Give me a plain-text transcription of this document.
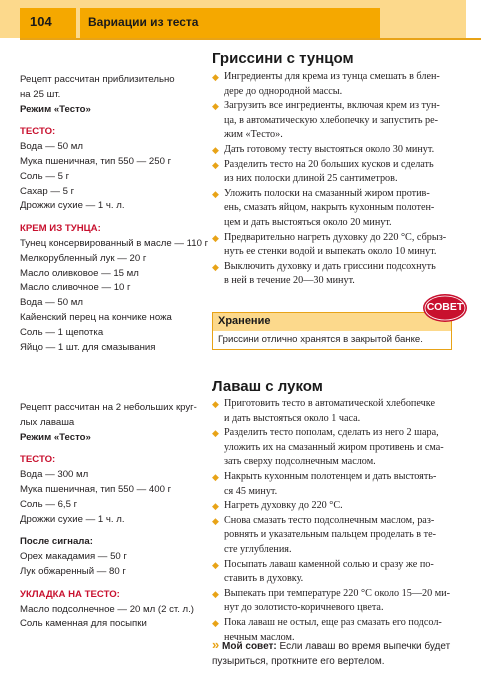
104	Вариации из теста

Рецепт рассчитан приблизительно

на 25 шт.

Режим «Тесто»

ТЕСТО:

Вода — 50 мл

Мука пшеничная, тип 550 — 250 г

Соль — 5 г

Сахар — 5 г

Дрожжи сухие — 1 ч. л.

КРЕМ ИЗ ТУНЦА:

Тунец консервированный в масле — 110 г

Мелкорубленный лук — 20 г

Масло оливковое — 15 мл

Масло сливочное — 10 г

Вода — 50 мл

Кайенский перец на кончике ножа

Соль — 1 щепотка

Яйцо — 1 шт. для смазывания

Гриссини с тунцом
◆ Ингредиенты для крема из тунца смешать в блен-
дере до однородной массы.
◆ Загрузить все ингредиенты, включая крем из тун-
ца, в автоматическую хлебопечку и запустить ре-
жим «Тесто».
◆ Дать готовому тесту выстояться около 30 минут.
◆ Разделить тесто на 20 больших кусков и сделать
из них полоски длиной 25 сантиметров.
◆ Уложить полоски на смазанный жиром против-
ень, смазать яйцом, накрыть кухонным полотен-
цем и дать выстояться около 20 минут.
◆ Предварительно нагреть духовку до 220 °С, сбрыз-
нуть ее стенки водой и выпекать около 10 минут.
◆ Выключить духовку и дать гриссини подсохнуть
в ней в течение 20—30 минут.
Хранение
Гриссини отлично хранятся в закрытой банке.
СОВЕТ

Рецепт рассчитан на 2 небольших круг-

лых лаваша

Режим «Тесто»

ТЕСТО:

Вода — 300 мл

Мука пшеничная, тип 550 — 400 г

Соль — 6,5 г

Дрожжи сухие — 1 ч. л.

После сигнала:

Орех макадамия — 50 г

Лук обжаренный — 80 г

УКЛАДКА НА ТЕСТО:

Масло подсолнечное — 20 мл (2 ст. л.)

Соль каменная для посыпки

Лаваш с луком
◆ Приготовить тесто в автоматической хлебопечке
и дать выстояться около 1 часа.
◆ Разделить тесто пополам, сделать из него 2 шара,
уложить их на смазанный жиром противень и сма-
зать сверху подсолнечным маслом.
◆ Накрыть кухонным полотенцем и дать выстоять-
ся 45 минут.
◆ Нагреть духовку до 220 °С.
◆ Снова смазать тесто подсолнечным маслом, раз-
ровнять и указательным пальцем проделать в те-
сте углубления.
◆ Посыпать лаваш каменной солью и сразу же по-
ставить в духовку.
◆ Выпекать при температуре 220 °С около 15—20 ми-
нут до золотисто-коричневого цвета.
◆ Пока лаваш не остыл, еще раз смазать его подсол-
нечным маслом.
» Мой совет: Если лаваш во время выпечки будет
пузыриться, проткните его вертелом.
